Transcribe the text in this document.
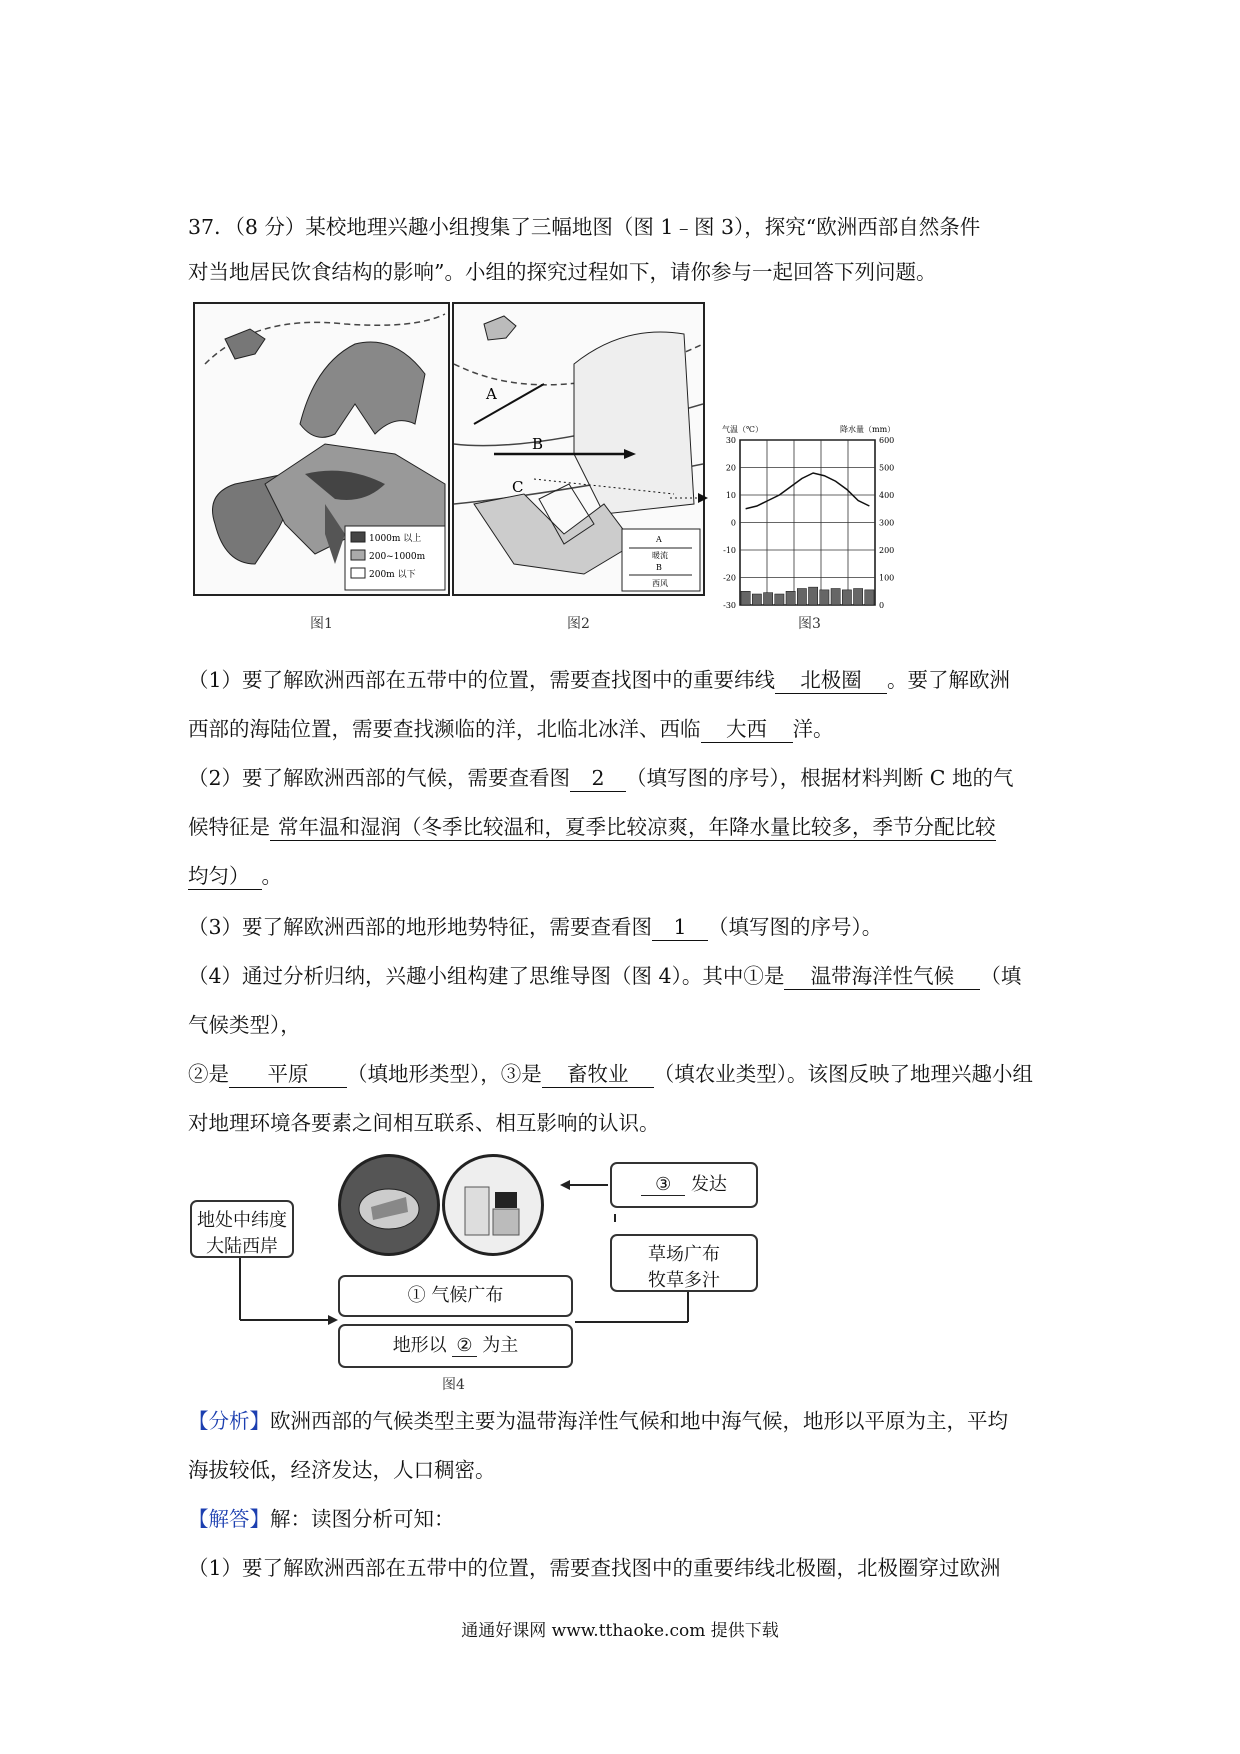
37．（8 分）某校地理兴趣小组搜集了三幅地图（图 1﹣图 3），探究“欧洲西部自然条件
对当地居民饮食结构的影响”。小组的探究过程如下，请你参与一起回答下列问题。
1000m 以上
200~1000m
200m 以下
图1
A
B
C
A
暖流
B
西风
图2
气温（℃）	降水量（mm）
30	600
20	500
10	400
0	300
-10	200
-20	100
-30	0
图3
（1）要了解欧洲西部在五带中的位置，需要查找图中的重要纬线 北极圈 。要了解欧洲
西部的海陆位置，需要查找濒临的洋，北临北冰洋、西临 大西 洋。
（2）要了解欧洲西部的气候，需要查看图 2 （填写图的序号），根据材料判断 C 地的气
候特征是 常年温和湿润（冬季比较温和，夏季比较凉爽，年降水量比较多，季节分配比较
均匀） 。
（3）要了解欧洲西部的地形地势特征，需要查看图 1 （填写图的序号）。
（4）通过分析归纳，兴趣小组构建了思维导图（图 4）。其中①是 温带海洋性气候 （填
气候类型），
②是 平原 （填地形类型），③是 畜牧业 （填农业类型）。该图反映了地理兴趣小组
对地理环境各要素之间相互联系、相互影响的认识。
地处中纬度
大陆西岸
① 气候广布
地形以 ② 为主
③ 发达
草场广布
牧草多汁
图4
【分析】欧洲西部的气候类型主要为温带海洋性气候和地中海气候，地形以平原为主，平均
海拔较低，经济发达，人口稠密。
【解答】解：读图分析可知：
（1）要了解欧洲西部在五带中的位置，需要查找图中的重要纬线北极圈，北极圈穿过欧洲
通通好课网 www.tthaoke.com 提供下载
